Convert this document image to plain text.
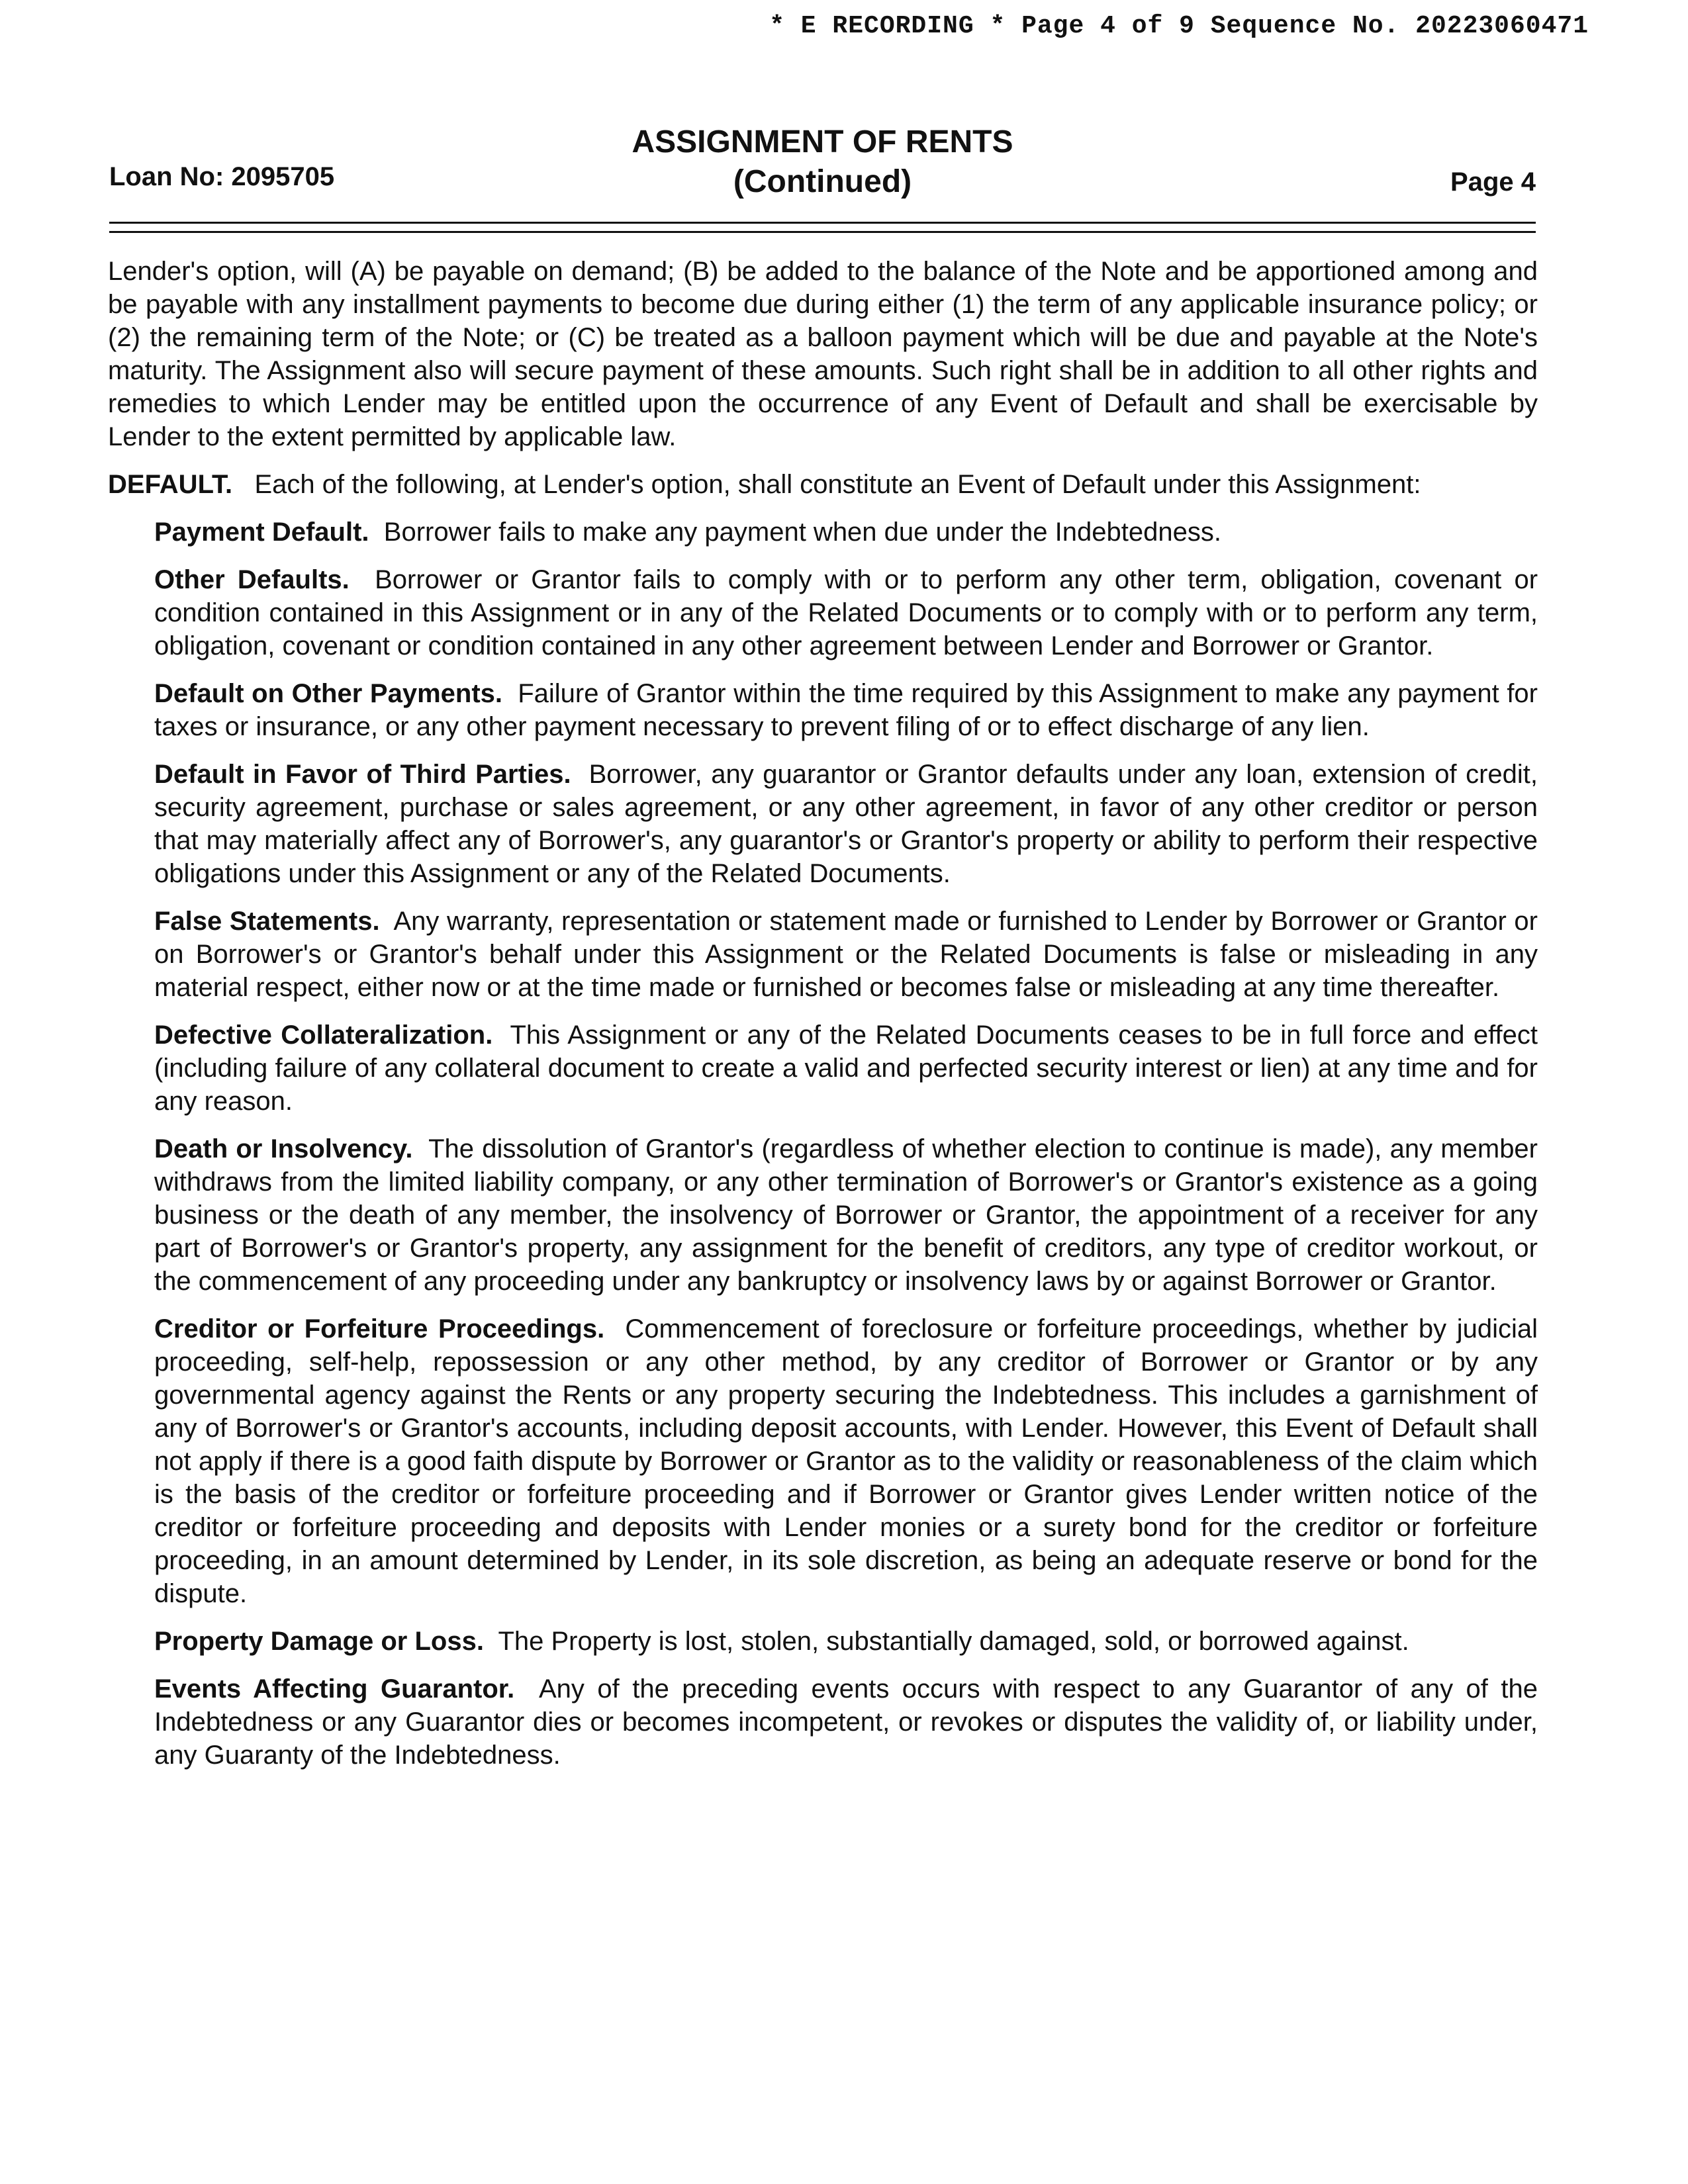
* E RECORDING * Page 4 of 9 Sequence No. 20223060471
Loan No: 2095705
ASSIGNMENT OF RENTS
(Continued)	Page 4

Lender's option, will (A) be payable on demand; (B) be added to the balance of the Note and be apportioned among and be payable with any installment payments to become due during either (1) the term of any applicable insurance policy; or (2) the remaining term of the Note; or (C) be treated as a balloon payment which will be due and payable at the Note's maturity. The Assignment also will secure payment of these amounts. Such right shall be in addition to all other rights and remedies to which Lender may be entitled upon the occurrence of any Event of Default and shall be exercisable by Lender to the extent permitted by applicable law.

DEFAULT. Each of the following, at Lender's option, shall constitute an Event of Default under this Assignment:

Payment Default. Borrower fails to make any payment when due under the Indebtedness.

Other Defaults. Borrower or Grantor fails to comply with or to perform any other term, obligation, covenant or condition contained in this Assignment or in any of the Related Documents or to comply with or to perform any term, obligation, covenant or condition contained in any other agreement between Lender and Borrower or Grantor.

Default on Other Payments. Failure of Grantor within the time required by this Assignment to make any payment for taxes or insurance, or any other payment necessary to prevent filing of or to effect discharge of any lien.

Default in Favor of Third Parties. Borrower, any guarantor or Grantor defaults under any loan, extension of credit, security agreement, purchase or sales agreement, or any other agreement, in favor of any other creditor or person that may materially affect any of Borrower's, any guarantor's or Grantor's property or ability to perform their respective obligations under this Assignment or any of the Related Documents.

False Statements. Any warranty, representation or statement made or furnished to Lender by Borrower or Grantor or on Borrower's or Grantor's behalf under this Assignment or the Related Documents is false or misleading in any material respect, either now or at the time made or furnished or becomes false or misleading at any time thereafter.

Defective Collateralization. This Assignment or any of the Related Documents ceases to be in full force and effect (including failure of any collateral document to create a valid and perfected security interest or lien) at any time and for any reason.

Death or Insolvency. The dissolution of Grantor's (regardless of whether election to continue is made), any member withdraws from the limited liability company, or any other termination of Borrower's or Grantor's existence as a going business or the death of any member, the insolvency of Borrower or Grantor, the appointment of a receiver for any part of Borrower's or Grantor's property, any assignment for the benefit of creditors, any type of creditor workout, or the commencement of any proceeding under any bankruptcy or insolvency laws by or against Borrower or Grantor.

Creditor or Forfeiture Proceedings. Commencement of foreclosure or forfeiture proceedings, whether by judicial proceeding, self-help, repossession or any other method, by any creditor of Borrower or Grantor or by any governmental agency against the Rents or any property securing the Indebtedness. This includes a garnishment of any of Borrower's or Grantor's accounts, including deposit accounts, with Lender. However, this Event of Default shall not apply if there is a good faith dispute by Borrower or Grantor as to the validity or reasonableness of the claim which is the basis of the creditor or forfeiture proceeding and if Borrower or Grantor gives Lender written notice of the creditor or forfeiture proceeding and deposits with Lender monies or a surety bond for the creditor or forfeiture proceeding, in an amount determined by Lender, in its sole discretion, as being an adequate reserve or bond for the dispute.

Property Damage or Loss. The Property is lost, stolen, substantially damaged, sold, or borrowed against.

Events Affecting Guarantor. Any of the preceding events occurs with respect to any Guarantor of any of the Indebtedness or any Guarantor dies or becomes incompetent, or revokes or disputes the validity of, or liability under, any Guaranty of the Indebtedness.
